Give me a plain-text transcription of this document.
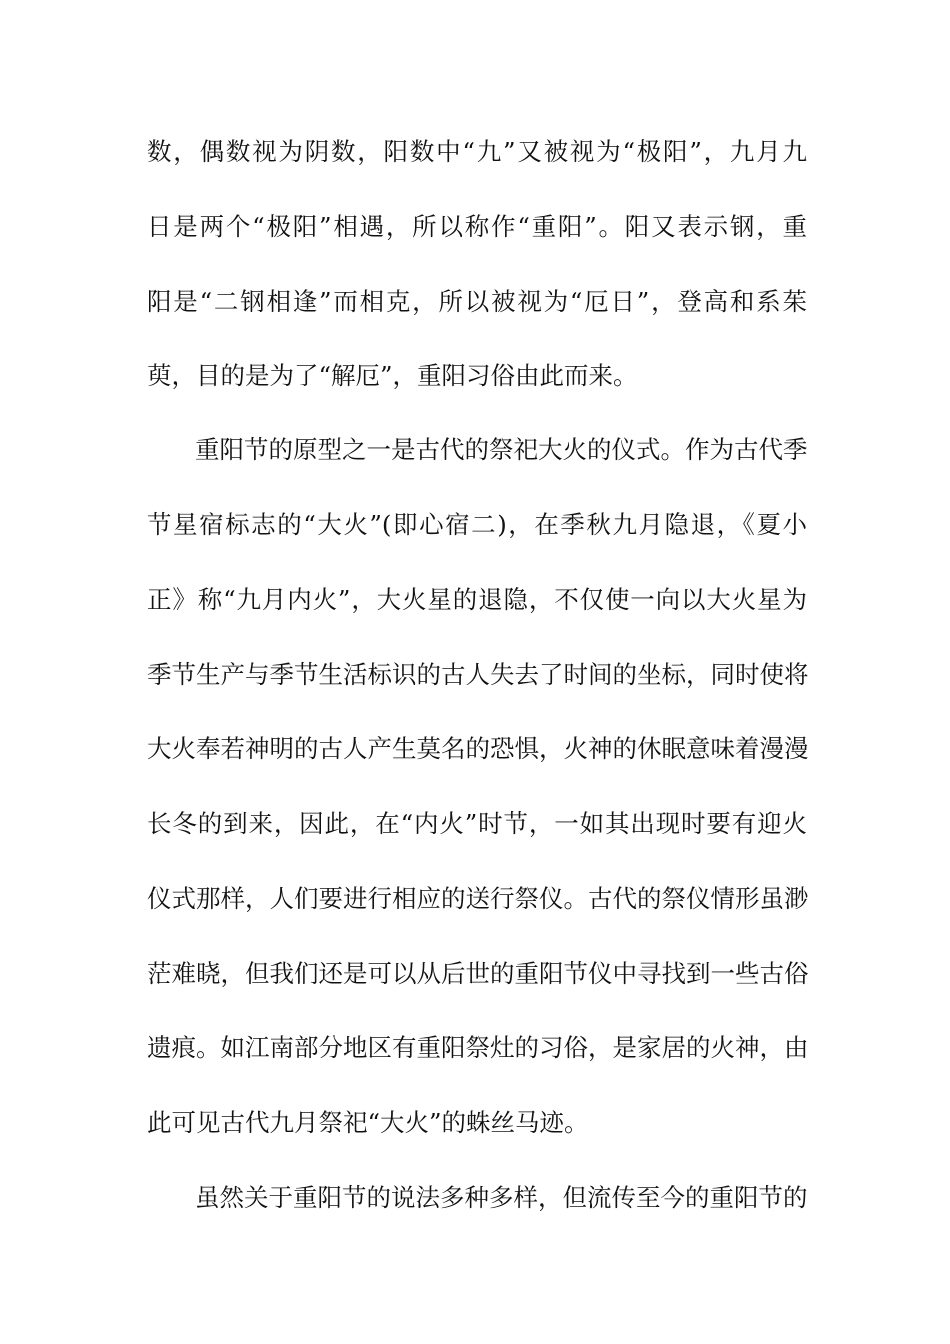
数，偶数视为阴数，阳数中“九”又被视为“极阳”，九月九
日是两个“极阳”相遇，所以称作“重阳”。阳又表示钢，重
阳是“二钢相逢”而相克，所以被视为“厄日”，登高和系茱
萸，目的是为了“解厄”，重阳习俗由此而来。
重阳节的原型之一是古代的祭祀大火的仪式。作为古代季
节星宿标志的“大火”(即心宿二)，在季秋九月隐退，《夏小
正》称“九月内火”，大火星的退隐，不仅使一向以大火星为
季节生产与季节生活标识的古人失去了时间的坐标，同时使将
大火奉若神明的古人产生莫名的恐惧，火神的休眠意味着漫漫
长冬的到来，因此，在“内火”时节，一如其出现时要有迎火
仪式那样，人们要进行相应的送行祭仪。古代的祭仪情形虽渺
茫难晓，但我们还是可以从后世的重阳节仪中寻找到一些古俗
遗痕。如江南部分地区有重阳祭灶的习俗，是家居的火神，由
此可见古代九月祭祀“大火”的蛛丝马迹。
虽然关于重阳节的说法多种多样，但流传至今的重阳节的
